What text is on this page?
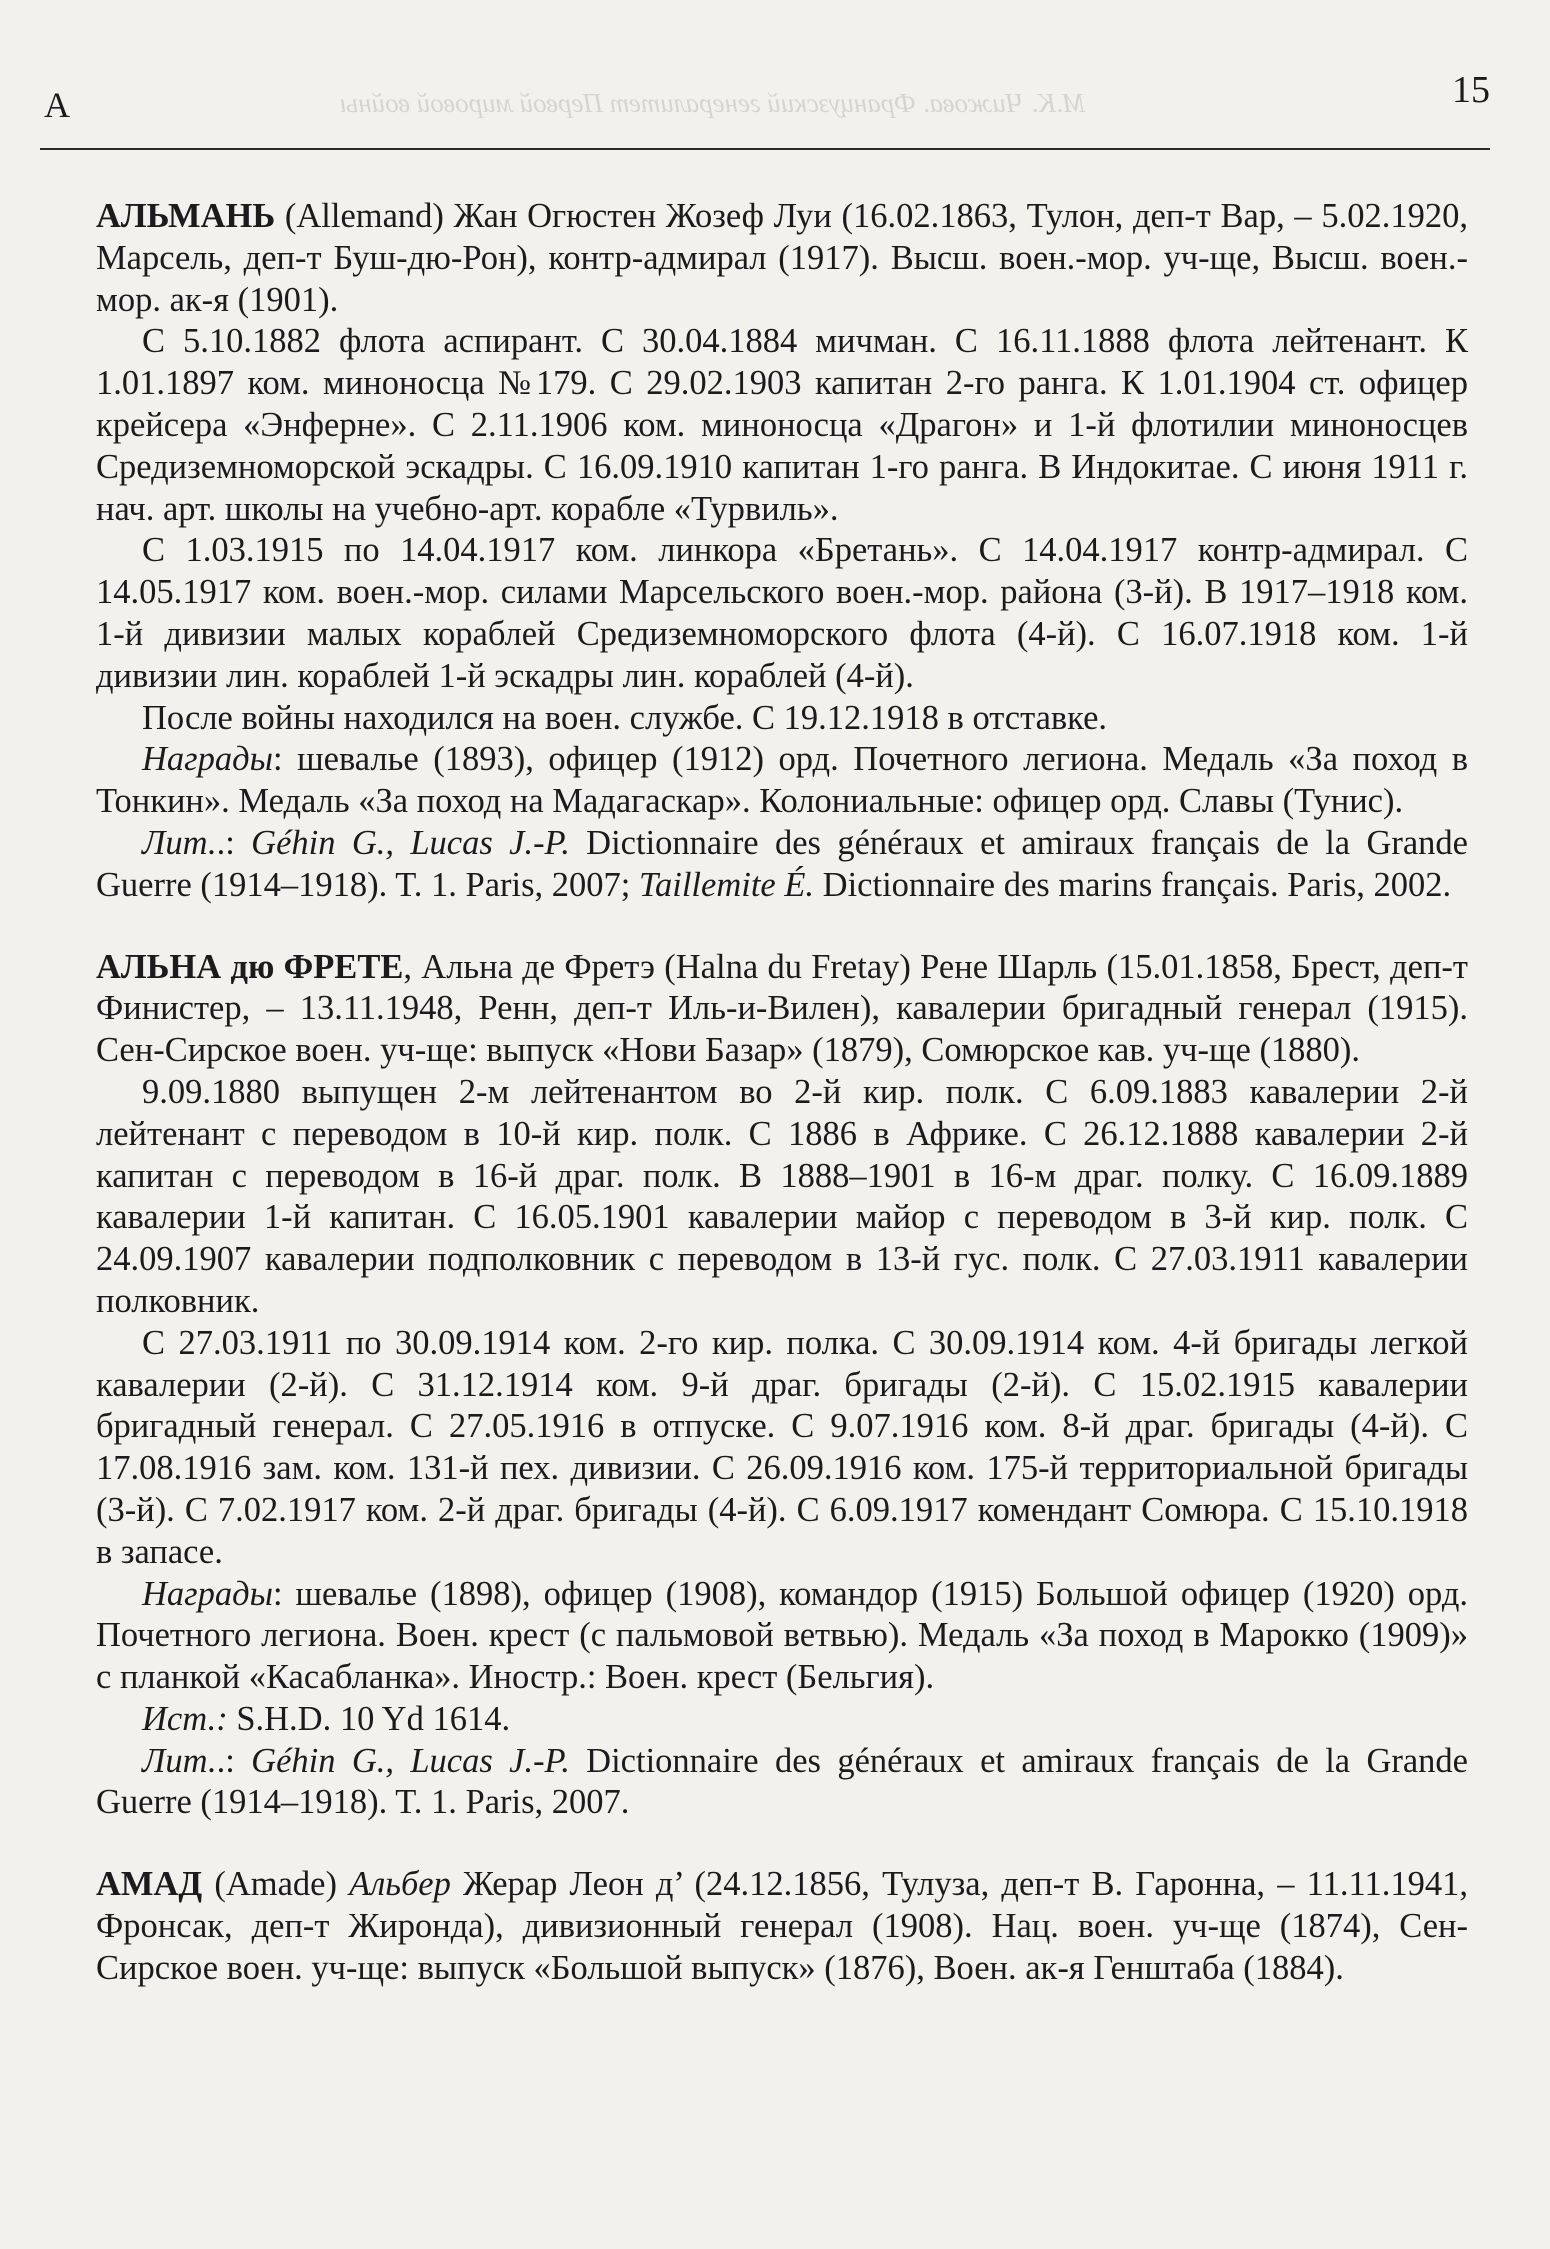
А	М.К. Чижова. Французский генералитет Первой мировой войны	15

АЛЬМАНЬ (Allemand) Жан Огюстен Жозеф Луи (16.02.1863, Тулон, деп-т Вар, – 5.02.1920, Марсель, деп-т Буш-дю-Рон), контр-адмирал (1917). Высш. воен.-мор. уч-ще, Высш. воен.-мор. ак-я (1901).

С 5.10.1882 флота аспирант. С 30.04.1884 мичман. С 16.11.1888 флота лейтенант. К 1.01.1897 ком. миноносца №179. С 29.02.1903 капитан 2-го ранга. К 1.01.1904 ст. офицер крейсера «Энферне». С 2.11.1906 ком. миноносца «Драгон» и 1-й флотилии миноносцев Средиземноморской эскадры. С 16.09.1910 капитан 1-го ранга. В Индокитае. С июня 1911 г. нач. арт. школы на учебно-арт. корабле «Турвиль».

С 1.03.1915 по 14.04.1917 ком. линкора «Бретань». С 14.04.1917 контр-адмирал. С 14.05.1917 ком. воен.-мор. силами Марсельского воен.-мор. района (3-й). В 1917–1918 ком. 1-й дивизии малых кораблей Средиземноморского флота (4-й). С 16.07.1918 ком. 1-й дивизии лин. кораблей 1-й эскадры лин. кораблей (4-й).

После войны находился на воен. службе. С 19.12.1918 в отставке.

Награды: шевалье (1893), офицер (1912) орд. Почетного легиона. Медаль «За поход в Тонкин». Медаль «За поход на Мадагаскар». Колониальные: офицер орд. Славы (Тунис).

Лит..: Géhin G., Lucas J.-P. Dictionnaire des généraux et amiraux français de la Grande Guerre (1914–1918). T. 1. Paris, 2007; Taillemite É. Dictionnaire des marins français. Paris, 2002.

АЛЬНА дю ФРЕТЕ, Альна де Фретэ (Halna du Fretay) Рене Шарль (15.01.1858, Брест, деп-т Финистер, – 13.11.1948, Ренн, деп-т Иль-и-Вилен), кавалерии бригадный генерал (1915). Сен-Сирское воен. уч-ще: выпуск «Нови Базар» (1879), Сомюрское кав. уч-ще (1880).

9.09.1880 выпущен 2-м лейтенантом во 2-й кир. полк. С 6.09.1883 кавалерии 2-й лейтенант с переводом в 10-й кир. полк. С 1886 в Африке. С 26.12.1888 кавалерии 2-й капитан с переводом в 16-й драг. полк. В 1888–1901 в 16-м драг. полку. С 16.09.1889 кавалерии 1-й капитан. С 16.05.1901 кавалерии майор с переводом в 3-й кир. полк. С 24.09.1907 кавалерии подполковник с переводом в 13-й гус. полк. С 27.03.1911 кавалерии полковник.

С 27.03.1911 по 30.09.1914 ком. 2-го кир. полка. С 30.09.1914 ком. 4-й бригады легкой кавалерии (2-й). С 31.12.1914 ком. 9-й драг. бригады (2-й). С 15.02.1915 кавалерии бригадный генерал. С 27.05.1916 в отпуске. С 9.07.1916 ком. 8-й драг. бригады (4-й). С 17.08.1916 зам. ком. 131-й пех. дивизии. С 26.09.1916 ком. 175-й территориальной бригады (3-й). С 7.02.1917 ком. 2-й драг. бригады (4-й). С 6.09.1917 комендант Сомюра. С 15.10.1918 в запасе.

Награды: шевалье (1898), офицер (1908), командор (1915) Большой офицер (1920) орд. Почетного легиона. Воен. крест (с пальмовой ветвью). Медаль «За поход в Марокко (1909)» с планкой «Касабланка». Иностр.: Воен. крест (Бельгия).

Ист.: S.H.D. 10 Yd 1614.

Лит..: Géhin G., Lucas J.-P. Dictionnaire des généraux et amiraux français de la Grande Guerre (1914–1918). T. 1. Paris, 2007.

АМАД (Amade) Альбер Жерар Леон д’ (24.12.1856, Тулуза, деп-т В. Гаронна, – 11.11.1941, Фронсак, деп-т Жиронда), дивизионный генерал (1908). Нац. воен. уч-ще (1874), Сен-Сирское воен. уч-ще: выпуск «Большой выпуск» (1876), Воен. ак-я Генштаба (1884).
